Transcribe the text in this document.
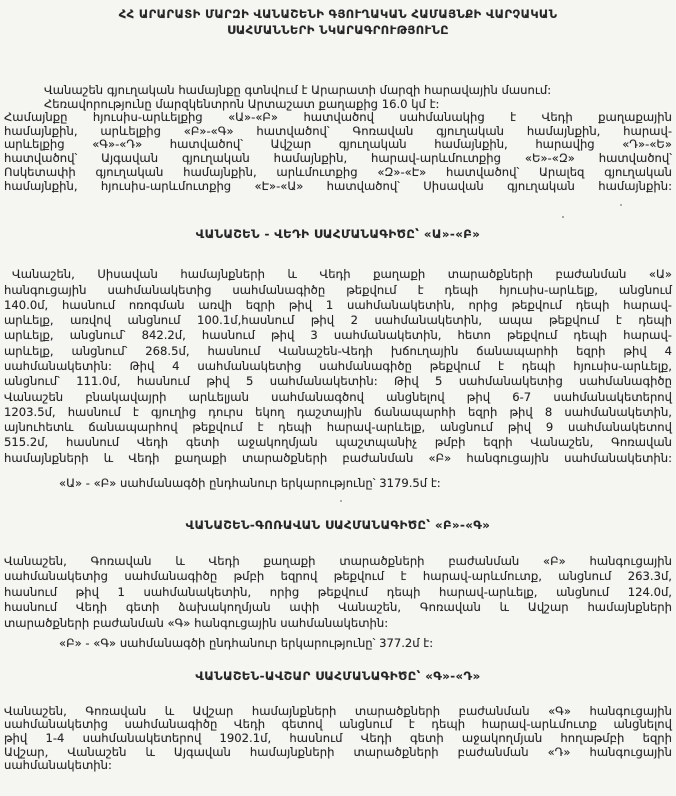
ՀՀ ԱՐԱՐԱՏԻ ՄԱՐԶԻ ՎԱՆԱՇԵՆԻ ԳՅՈՒՂԱԿԱՆ ՀԱՄԱՅՆՔԻ ՎԱՐՉԱԿԱՆ
ՍԱՀՄԱՆՆԵՐԻ ՆԿԱՐԱԳՐՈՒԹՅՈՒՆԸ
Վանաշեն գյուղական համայնքը գտնվում է Արարատի մարզի հարավային մասում:
Հեռավորությունը մարզկենտրոն Արտաշատ քաղաքից 16.0 կմ է:
Համայնքը հյուսիս-արևելքից «Ա»-«Բ» հատվածով սահմանակից է Վեդի քաղաքային
համայնքին, արևելքից «Բ»-«Գ» հատվածով՝ Գոռավան գյուղական համայնքին, հարավ-
արևելքից «Գ»-«Դ» հատվածով՝ Ավշար գյուղական համայնքին, հարավից «Դ»-«Ե»
հատվածով՝ Այգավան գյուղական համայնքին, հարավ-արևմուտքից «Ե»-«Զ» հատվածով՝
Ոսկետափի գյուղական համայնքին, արևմուտքից «Զ»-«Է» հատվածով՝ Արալեզ գյուղական
համայնքին, հյուսիս-արևմուտքից «Է»-«Ա» հատվածով՝ Սիսավան գյուղական համայնքին:
ՎԱՆԱՇԵՆ - ՎԵԴԻ ՍԱՀՄԱՆԱԳԻԾԸ՝ «Ա»-«Բ»
Վանաշեն, Սիսավան համայնքների և Վեդի քաղաքի տարածքների բաժանման «Ա»
հանգուցային սահմանակետից սահմանագիծը թեքվում է դեպի հյուսիս-արևելք, անցնում
140.0մ, հասնում ոռոգման առվի եզրի թիվ 1 սահմանակետին, որից թեքվում դեպի հարավ-
արևելք, առվով անցնում 100.1մ,հասնում թիվ 2 սահմանակետին, ապա թեքվում է դեպի
արևելք, անցնում՝ 842.2մ, հասնում թիվ 3 սահմանակետին, հետո թեքվում դեպի հարավ-
արևելք, անցնում՝ 268.5մ, հասնում Վանաշեն-Վեդի խճուղային ճանապարհի եզրի թիվ 4
սահմանակետին: Թիվ 4 սահմանակետից սահմանագիծը թեքվում է դեպի հյուսիս-արևելք,
անցնում՝ 111.0մ, հասնում թիվ 5 սահմանակետին: Թիվ 5 սահմանակետից սահմանագիծը
Վանաշեն բնակավայրի արևելյան սահմանագծով անցնելով թիվ 6-7 սահմանակետերով
1203.5մ, հասնում է գյուղից դուրս եկող դաշտային ճանապարհի եզրի թիվ 8 սահմանակետին,
այնուհետև ճանապարհով թեքվում է դեպի հարավ-արևելք, անցնում թիվ 9 սահմանակետով
515.2մ, հասնում Վեդի գետի աջակողմյան պաշտպանիչ թմբի եզրի Վանաշեն, Գոռավան
համայնքների և Վեդի քաղաքի տարածքների բաժանման «Բ» հանգուցային սահմանակետին:
«Ա» - «Բ» սահմանագծի ընդհանուր երկարությունը՝ 3179.5մ է:
ՎԱՆԱՇԵՆ-ԳՈՌԱՎԱՆ ՍԱՀՄԱՆԱԳԻԾԸ՝ «Բ»-«Գ»
Վանաշեն, Գոռավան և Վեդի քաղաքի տարածքների բաժանման «Բ» հանգուցային
սահմանակետից սահմանագիծը թմբի եզրով թեքվում է հարավ-արևմուտք, անցնում 263.3մ,
հասնում թիվ 1 սահմանակետին, որից թեքվում դեպի հարավ-արևելք, անցնում 124.0մ,
հասնում Վեդի գետի ձախակողմյան ափի Վանաշեն, Գոռավան և Ավշար համայնքների
տարածքների բաժանման «Գ» հանգուցային սահմանակետին:
«Բ» - «Գ» սահմանագծի ընդհանուր երկարությունը՝ 377.2մ է:
ՎԱՆԱՇԵՆ-ԱՎՇԱՐ ՍԱՀՄԱՆԱԳԻԾԸ՝ «Գ»-«Դ»
Վանաշեն, Գոռավան և Ավշար համայնքների տարածքների բաժանման «Գ» հանգուցային
սահմանակետից սահմանագիծը Վեդի գետով անցնում է դեպի հարավ-արևմուտք անցնելով
թիվ 1-4 սահմանակետերով 1902.1մ, հասնում Վեդի գետի աջակողմյան հողաթմբի եզրի
Ավշար, Վանաշեն և Այգավան համայնքների տարածքների բաժանման «Դ» հանգուցային
սահմանակետին:
